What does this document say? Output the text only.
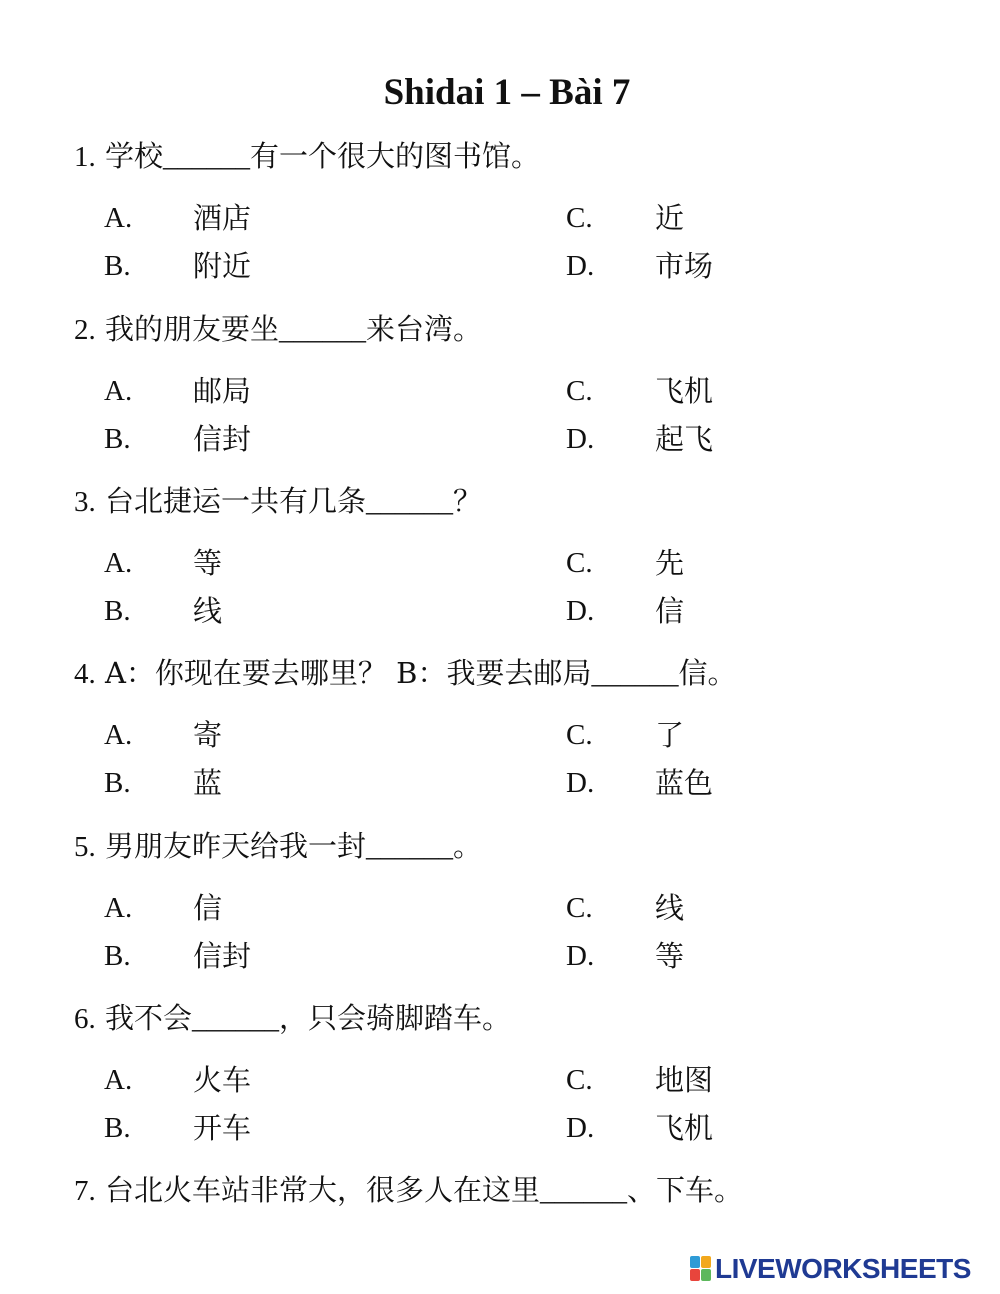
Shidai 1 – Bài 7
1. 学校______有一个很大的图书馆。
A. 酒店
B. 附近
C. 近
D. 市场
2. 我的朋友要坐______来台湾。
A. 邮局
B. 信封
C. 飞机
D. 起飞
3. 台北捷运一共有几条______？
A. 等
B. 线
C. 先
D. 信
4. A：你现在要去哪里？ B：我要去邮局______信。
A. 寄
B. 蓝
C. 了
D. 蓝色
5. 男朋友昨天给我一封______。
A. 信
B. 信封
C. 线
D. 等
6. 我不会______，只会骑脚踏车。
A. 火车
B. 开车
C. 地图
D. 飞机
7. 台北火车站非常大，很多人在这里______、下车。
LIVEWORKSHEETS
